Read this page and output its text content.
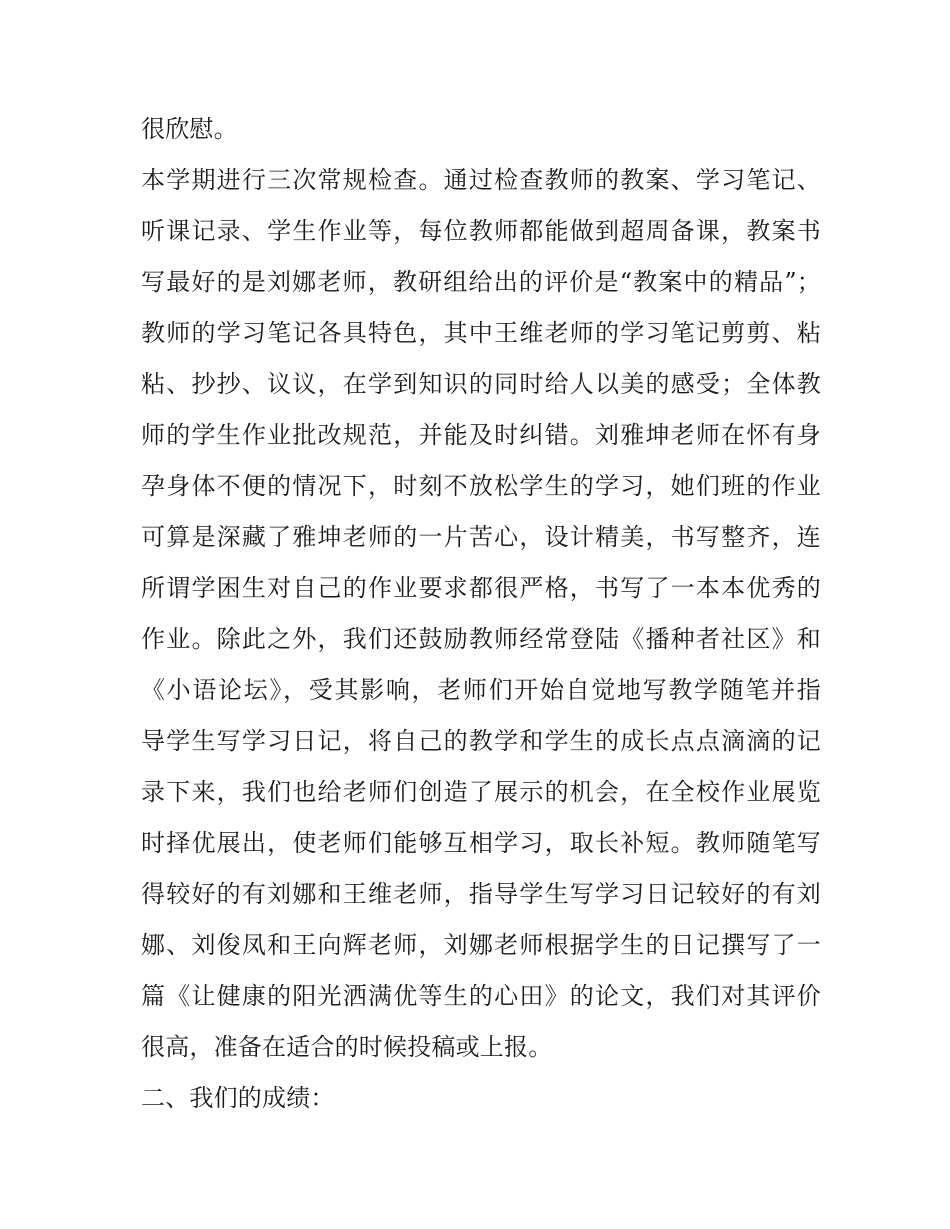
很欣慰。
本学期进行三次常规检查。通过检查教师的教案、学习笔记、
听课记录、学生作业等，每位教师都能做到超周备课，教案书
写最好的是刘娜老师，教研组给出的评价是“教案中的精品”；
教师的学习笔记各具特色，其中王维老师的学习笔记剪剪、粘
粘、抄抄、议议，在学到知识的同时给人以美的感受；全体教
师的学生作业批改规范，并能及时纠错。刘雅坤老师在怀有身
孕身体不便的情况下，时刻不放松学生的学习，她们班的作业
可算是深藏了雅坤老师的一片苦心，设计精美，书写整齐，连
所谓学困生对自己的作业要求都很严格，书写了一本本优秀的
作业。除此之外，我们还鼓励教师经常登陆《播种者社区》和
《小语论坛》，受其影响，老师们开始自觉地写教学随笔并指
导学生写学习日记，将自己的教学和学生的成长点点滴滴的记
录下来，我们也给老师们创造了展示的机会，在全校作业展览
时择优展出，使老师们能够互相学习，取长补短。教师随笔写
得较好的有刘娜和王维老师，指导学生写学习日记较好的有刘
娜、刘俊凤和王向辉老师，刘娜老师根据学生的日记撰写了一
篇《让健康的阳光洒满优等生的心田》的论文，我们对其评价
很高，准备在适合的时候投稿或上报。
二、我们的成绩：
